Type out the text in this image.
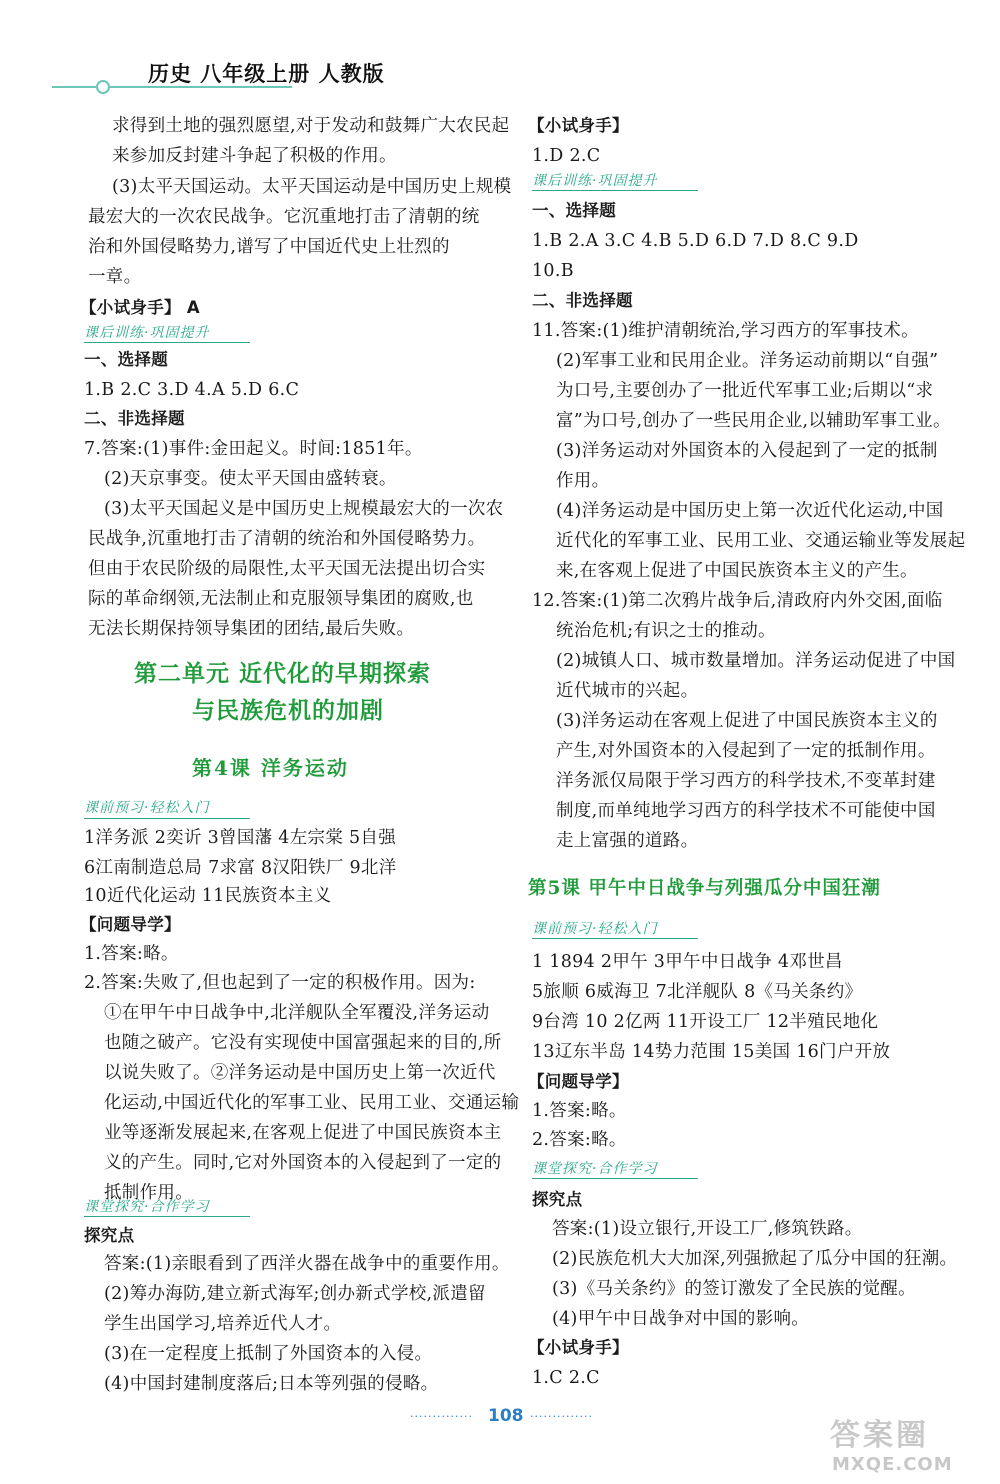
历史 八年级上册 人教版
求得到土地的强烈愿望,对于发动和鼓舞广大农民起
来参加反封建斗争起了积极的作用。
(3)太平天国运动。太平天国运动是中国历史上规模
最宏大的一次农民战争。它沉重地打击了清朝的统
治和外国侵略势力,谱写了中国近代史上壮烈的
一章。
【小试身手】 A
课后训练·巩固提升
一、选择题
1.B 2.C 3.D 4.A 5.D 6.C
二、非选择题
7.答案:(1)事件:金田起义。时间:1851年。
(2)天京事变。使太平天国由盛转衰。
(3)太平天国起义是中国历史上规模最宏大的一次农
民战争,沉重地打击了清朝的统治和外国侵略势力。
但由于农民阶级的局限性,太平天国无法提出切合实
际的革命纲领,无法制止和克服领导集团的腐败,也
无法长期保持领导集团的团结,最后失败。
第二单元 近代化的早期探索
与民族危机的加剧
第4课 洋务运动
课前预习·轻松入门
1洋务派 2奕䜣 3曾国藩 4左宗棠 5自强
6江南制造总局 7求富 8汉阳铁厂 9北洋
10近代化运动 11民族资本主义
【问题导学】
1.答案:略。
2.答案:失败了,但也起到了一定的积极作用。因为:
①在甲午中日战争中,北洋舰队全军覆没,洋务运动
也随之破产。它没有实现使中国富强起来的目的,所
以说失败了。②洋务运动是中国历史上第一次近代
化运动,中国近代化的军事工业、民用工业、交通运输
业等逐渐发展起来,在客观上促进了中国民族资本主
义的产生。同时,它对外国资本的入侵起到了一定的
抵制作用。
课堂探究·合作学习
探究点
答案:(1)亲眼看到了西洋火器在战争中的重要作用。
(2)筹办海防,建立新式海军;创办新式学校,派遣留
学生出国学习,培养近代人才。
(3)在一定程度上抵制了外国资本的入侵。
(4)中国封建制度落后;日本等列强的侵略。
【小试身手】
1.D 2.C
课后训练·巩固提升
一、选择题
1.B 2.A 3.C 4.B 5.D 6.D 7.D 8.C 9.D
10.B
二、非选择题
11.答案:(1)维护清朝统治,学习西方的军事技术。
(2)军事工业和民用企业。洋务运动前期以“自强”
为口号,主要创办了一批近代军事工业;后期以“求
富”为口号,创办了一些民用企业,以辅助军事工业。
(3)洋务运动对外国资本的入侵起到了一定的抵制
作用。
(4)洋务运动是中国历史上第一次近代化运动,中国
近代化的军事工业、民用工业、交通运输业等发展起
来,在客观上促进了中国民族资本主义的产生。
12.答案:(1)第二次鸦片战争后,清政府内外交困,面临
统治危机;有识之士的推动。
(2)城镇人口、城市数量增加。洋务运动促进了中国
近代城市的兴起。
(3)洋务运动在客观上促进了中国民族资本主义的
产生,对外国资本的入侵起到了一定的抵制作用。
洋务派仅局限于学习西方的科学技术,不变革封建
制度,而单纯地学习西方的科学技术不可能使中国
走上富强的道路。
第5课 甲午中日战争与列强瓜分中国狂潮
课前预习·轻松入门
1 1894 2甲午 3甲午中日战争 4邓世昌
5旅顺 6威海卫 7北洋舰队 8《马关条约》
9台湾 10 2亿两 11开设工厂 12半殖民地化
13辽东半岛 14势力范围 15美国 16门户开放
【问题导学】
1.答案:略。
2.答案:略。
课堂探究·合作学习
探究点
答案:(1)设立银行,开设工厂,修筑铁路。
(2)民族危机大大加深,列强掀起了瓜分中国的狂潮。
(3)《马关条约》的签订激发了全民族的觉醒。
(4)甲午中日战争对中国的影响。
【小试身手】
1.C 2.C
·············· 108 ··············
答案圈
MXQE.COM
